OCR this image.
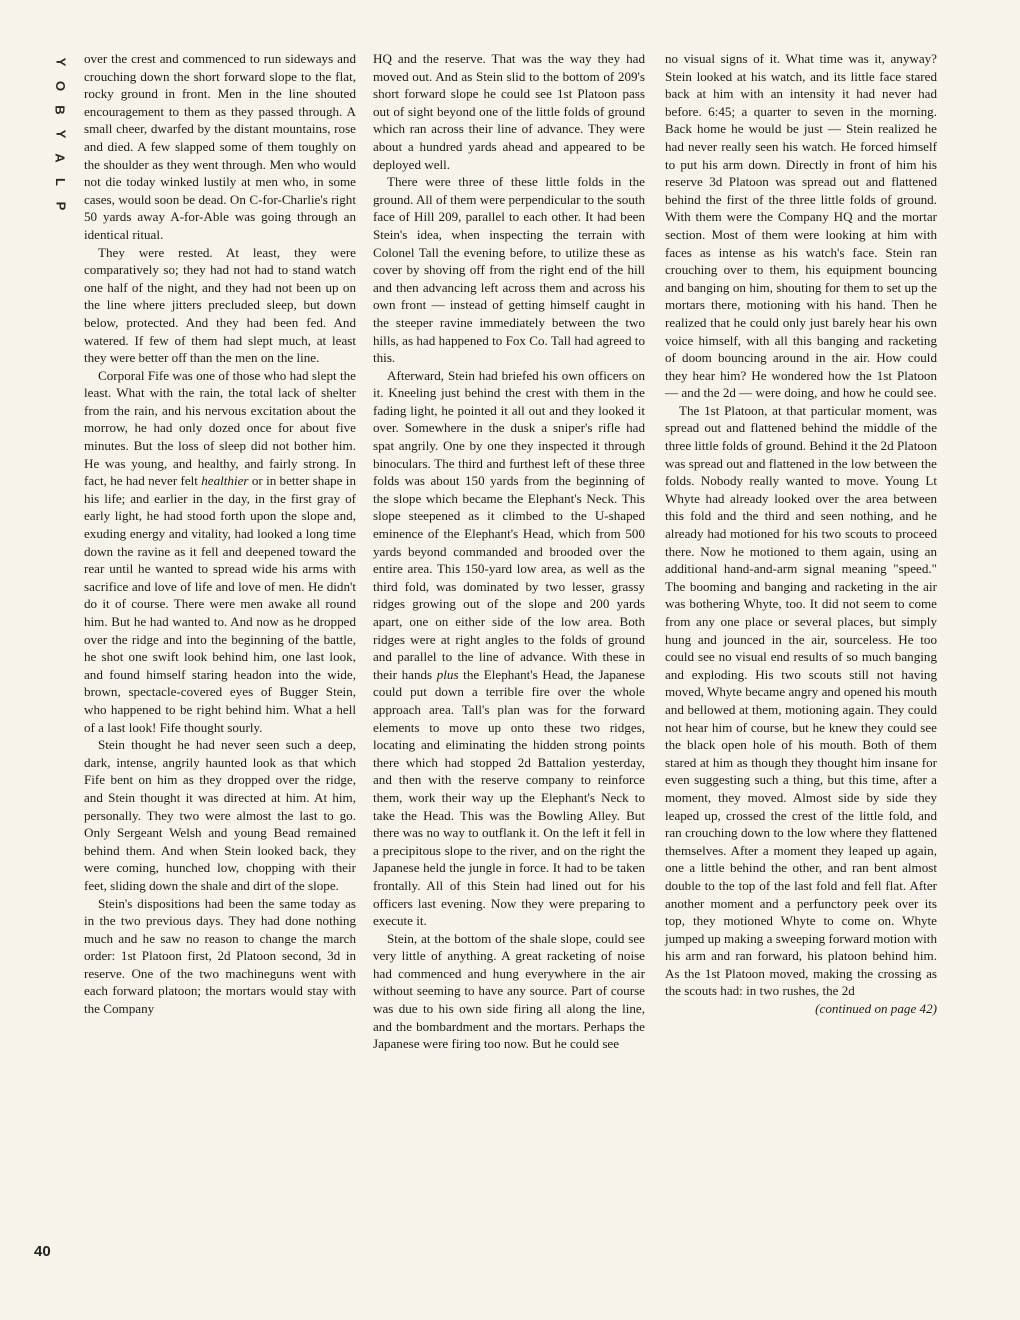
Y
O
B
Y
A
L
P

over the crest and commenced to run sideways and crouching down the short forward slope to the flat, rocky ground in front. Men in the line shouted encouragement to them as they passed through. A small cheer, dwarfed by the distant mountains, rose and died. A few slapped some of them toughly on the shoulder as they went through. Men who would not die today winked lustily at men who, in some cases, would soon be dead. On C-for-Charlie's right 50 yards away A-for-Able was going through an identical ritual.

They were rested. At least, they were comparatively so; they had not had to stand watch one half of the night, and they had not been up on the line where jitters precluded sleep, but down below, protected. And they had been fed. And watered. If few of them had slept much, at least they were better off than the men on the line.

Corporal Fife was one of those who had slept the least. What with the rain, the total lack of shelter from the rain, and his nervous excitation about the morrow, he had only dozed once for about five minutes. But the loss of sleep did not bother him. He was young, and healthy, and fairly strong. In fact, he had never felt healthier or in better shape in his life; and earlier in the day, in the first gray of early light, he had stood forth upon the slope and, exuding energy and vitality, had looked a long time down the ravine as it fell and deepened toward the rear until he wanted to spread wide his arms with sacrifice and love of life and love of men. He didn't do it of course. There were men awake all round him. But he had wanted to. And now as he dropped over the ridge and into the beginning of the battle, he shot one swift look behind him, one last look, and found himself staring headon into the wide, brown, spectacle-covered eyes of Bugger Stein, who happened to be right behind him. What a hell of a last look! Fife thought sourly.

Stein thought he had never seen such a deep, dark, intense, angrily haunted look as that which Fife bent on him as they dropped over the ridge, and Stein thought it was directed at him. At him, personally. They two were almost the last to go. Only Sergeant Welsh and young Bead remained behind them. And when Stein looked back, they were coming, hunched low, chopping with their feet, sliding down the shale and dirt of the slope.

Stein's dispositions had been the same today as in the two previous days. They had done nothing much and he saw no reason to change the march order: 1st Platoon first, 2d Platoon second, 3d in reserve. One of the two machineguns went with each forward platoon; the mortars would stay with the Company

HQ and the reserve. That was the way they had moved out. And as Stein slid to the bottom of 209's short forward slope he could see 1st Platoon pass out of sight beyond one of the little folds of ground which ran across their line of advance. They were about a hundred yards ahead and appeared to be deployed well.

There were three of these little folds in the ground. All of them were perpendicular to the south face of Hill 209, parallel to each other. It had been Stein's idea, when inspecting the terrain with Colonel Tall the evening before, to utilize these as cover by shoving off from the right end of the hill and then advancing left across them and across his own front — instead of getting himself caught in the steeper ravine immediately between the two hills, as had happened to Fox Co. Tall had agreed to this.

Afterward, Stein had briefed his own officers on it. Kneeling just behind the crest with them in the fading light, he pointed it all out and they looked it over. Somewhere in the dusk a sniper's rifle had spat angrily. One by one they inspected it through binoculars. The third and furthest left of these three folds was about 150 yards from the beginning of the slope which became the Elephant's Neck. This slope steepened as it climbed to the U-shaped eminence of the Elephant's Head, which from 500 yards beyond commanded and brooded over the entire area. This 150-yard low area, as well as the third fold, was dominated by two lesser, grassy ridges growing out of the slope and 200 yards apart, one on either side of the low area. Both ridges were at right angles to the folds of ground and parallel to the line of advance. With these in their hands plus the Elephant's Head, the Japanese could put down a terrible fire over the whole approach area. Tall's plan was for the forward elements to move up onto these two ridges, locating and eliminating the hidden strong points there which had stopped 2d Battalion yesterday, and then with the reserve company to reinforce them, work their way up the Elephant's Neck to take the Head. This was the Bowling Alley. But there was no way to outflank it. On the left it fell in a precipitous slope to the river, and on the right the Japanese held the jungle in force. It had to be taken frontally. All of this Stein had lined out for his officers last evening. Now they were preparing to execute it.

Stein, at the bottom of the shale slope, could see very little of anything. A great racketing of noise had commenced and hung everywhere in the air without seeming to have any source. Part of course was due to his own side firing all along the line, and the bombardment and the mortars. Perhaps the Japanese were firing too now. But he could see

no visual signs of it. What time was it, anyway? Stein looked at his watch, and its little face stared back at him with an intensity it had never had before. 6:45; a quarter to seven in the morning. Back home he would be just — Stein realized he had never really seen his watch. He forced himself to put his arm down. Directly in front of him his reserve 3d Platoon was spread out and flattened behind the first of the three little folds of ground. With them were the Company HQ and the mortar section. Most of them were looking at him with faces as intense as his watch's face. Stein ran crouching over to them, his equipment bouncing and banging on him, shouting for them to set up the mortars there, motioning with his hand. Then he realized that he could only just barely hear his own voice himself, with all this banging and racketing of doom bouncing around in the air. How could they hear him? He wondered how the 1st Platoon — and the 2d — were doing, and how he could see.

The 1st Platoon, at that particular moment, was spread out and flattened behind the middle of the three little folds of ground. Behind it the 2d Platoon was spread out and flattened in the low between the folds. Nobody really wanted to move. Young Lt Whyte had already looked over the area between this fold and the third and seen nothing, and he already had motioned for his two scouts to proceed there. Now he motioned to them again, using an additional hand-and-arm signal meaning "speed." The booming and banging and racketing in the air was bothering Whyte, too. It did not seem to come from any one place or several places, but simply hung and jounced in the air, sourceless. He too could see no visual end results of so much banging and exploding. His two scouts still not having moved, Whyte became angry and opened his mouth and bellowed at them, motioning again. They could not hear him of course, but he knew they could see the black open hole of his mouth. Both of them stared at him as though they thought him insane for even suggesting such a thing, but this time, after a moment, they moved. Almost side by side they leaped up, crossed the crest of the little fold, and ran crouching down to the low where they flattened themselves. After a moment they leaped up again, one a little behind the other, and ran bent almost double to the top of the last fold and fell flat. After another moment and a perfunctory peek over its top, they motioned Whyte to come on. Whyte jumped up making a sweeping forward motion with his arm and ran forward, his platoon behind him. As the 1st Platoon moved, making the crossing as the scouts had: in two rushes, the 2d

(continued on page 42)

40
